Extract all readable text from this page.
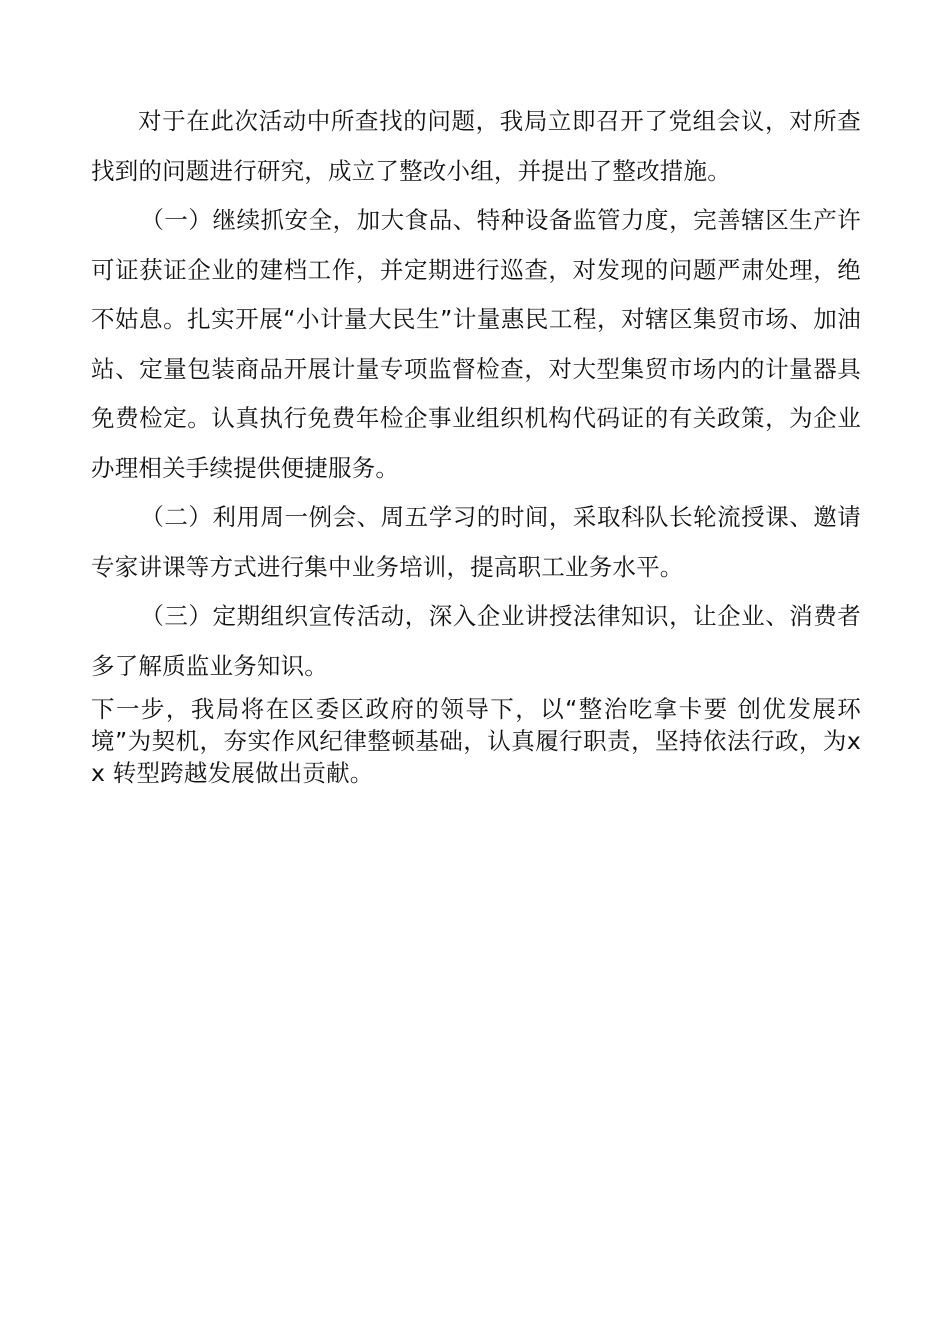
对于在此次活动中所查找的问题，我局立即召开了党组会议，对所查找到的问题进行研究，成立了整改小组，并提出了整改措施。

（一）继续抓安全，加大食品、特种设备监管力度，完善辖区生产许可证获证企业的建档工作，并定期进行巡查，对发现的问题严肃处理，绝不姑息。扎实开展“小计量大民生”计量惠民工程，对辖区集贸市场、加油站、定量包装商品开展计量专项监督检查，对大型集贸市场内的计量器具免费检定。认真执行免费年检企事业组织机构代码证的有关政策，为企业办理相关手续提供便捷服务。

（二）利用周一例会、周五学习的时间，采取科队长轮流授课、邀请专家讲课等方式进行集中业务培训，提高职工业务水平。

（三）定期组织宣传活动，深入企业讲授法律知识，让企业、消费者多了解质监业务知识。

下一步，我局将在区委区政府的领导下，以“整治吃拿卡要 创优发展环境”为契机，夯实作风纪律整顿基础，认真履行职责，坚持依法行政，为xx 转型跨越发展做出贡献。
